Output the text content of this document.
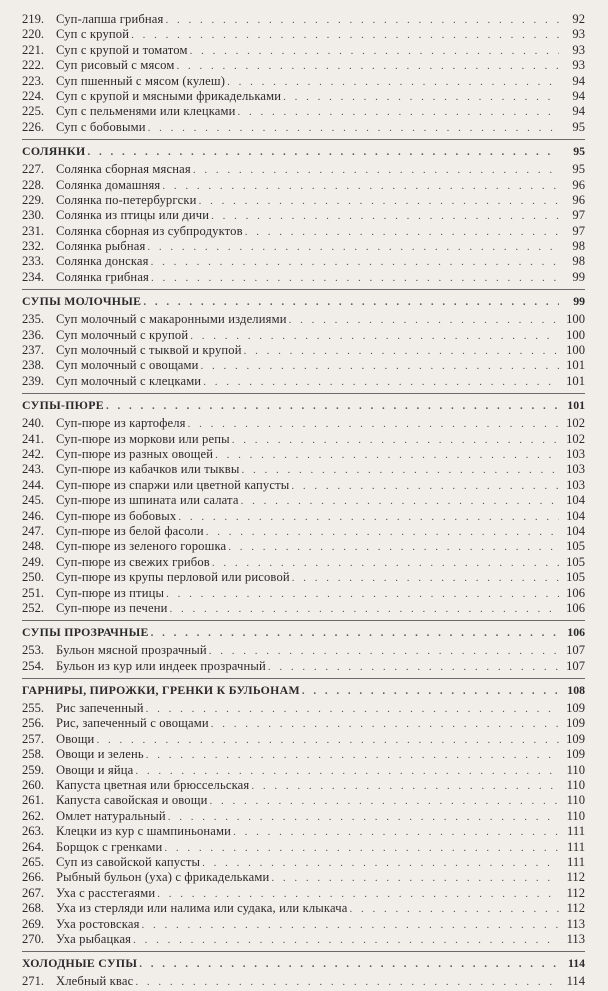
219. Суп-лапша грибная . . .	92
220. Суп с крупой . . .	93
221. Суп с крупой и томатом . . .	93
222. Суп рисовый с мясом . . .	93
223. Суп пшенный с мясом (кулеш) . . .	94
224. Суп с крупой и мясными фрикадельками . . .	94
225. Суп с пельменями или клецками . . .	94
226. Суп с бобовыми . . .	95
СОЛЯНКИ . . .	95
227. Солянка сборная мясная . . .	95
228. Солянка домашняя . . .	96
229. Солянка по-петербургски . . .	96
230. Солянка из птицы или дичи . . .	97
231. Солянка сборная из субпродуктов . . .	97
232. Солянка рыбная . . .	98
233. Солянка донская . . .	98
234. Солянка грибная . . .	99
СУПЫ МОЛОЧНЫЕ . . .	99
235. Суп молочный с макаронными изделиями . . .	100
236. Суп молочный с крупой . . .	100
237. Суп молочный с тыквой и крупой . . .	100
238. Суп молочный с овощами . . .	101
239. Суп молочный с клецками . . .	101
СУПЫ-ПЮРЕ . . .	101
240. Суп-пюре из картофеля . . .	102
241. Суп-пюре из моркови или репы . . .	102
242. Суп-пюре из разных овощей . . .	103
243. Суп-пюре из кабачков или тыквы . . .	103
244. Суп-пюре из спаржи или цветной капусты . . .	103
245. Суп-пюре из шпината или салата . . .	104
246. Суп-пюре из бобовых . . .	104
247. Суп-пюре из белой фасоли . . .	104
248. Суп-пюре из зеленого горошка . . .	105
249. Суп-пюре из свежих грибов . . .	105
250. Суп-пюре из крупы перловой или рисовой . . .	105
251. Суп-пюре из птицы . . .	106
252. Суп-пюре из печени . . .	106
СУПЫ ПРОЗРАЧНЫЕ . . .	106
253. Бульон мясной прозрачный . . .	107
254. Бульон из кур или индеек прозрачный . . .	107
ГАРНИРЫ, ПИРОЖКИ, ГРЕНКИ К БУЛЬОНАМ . . .	108
255. Рис запеченный . . .	109
256. Рис, запеченный с овощами . . .	109
257. Овощи . . .	109
258. Овощи и зелень . . .	109
259. Овощи и яйца . . .	110
260. Капуста цветная или брюссельская . . .	110
261. Капуста савойская и овощи . . .	110
262. Омлет натуральный . . .	110
263. Клецки из кур с шампиньонами . . .	111
264. Борщок с гренками . . .	111
265. Суп из савойской капусты . . .	111
266. Рыбный бульон (уха) с фрикадельками . . .	112
267. Уха с расстегаями . . .	112
268. Уха из стерляди или налима или судака, или клыкача . . .	112
269. Уха ростовская . . .	113
270. Уха рыбацкая . . .	113
ХОЛОДНЫЕ СУПЫ . . .	114
271. Хлебный квас . . .	114
